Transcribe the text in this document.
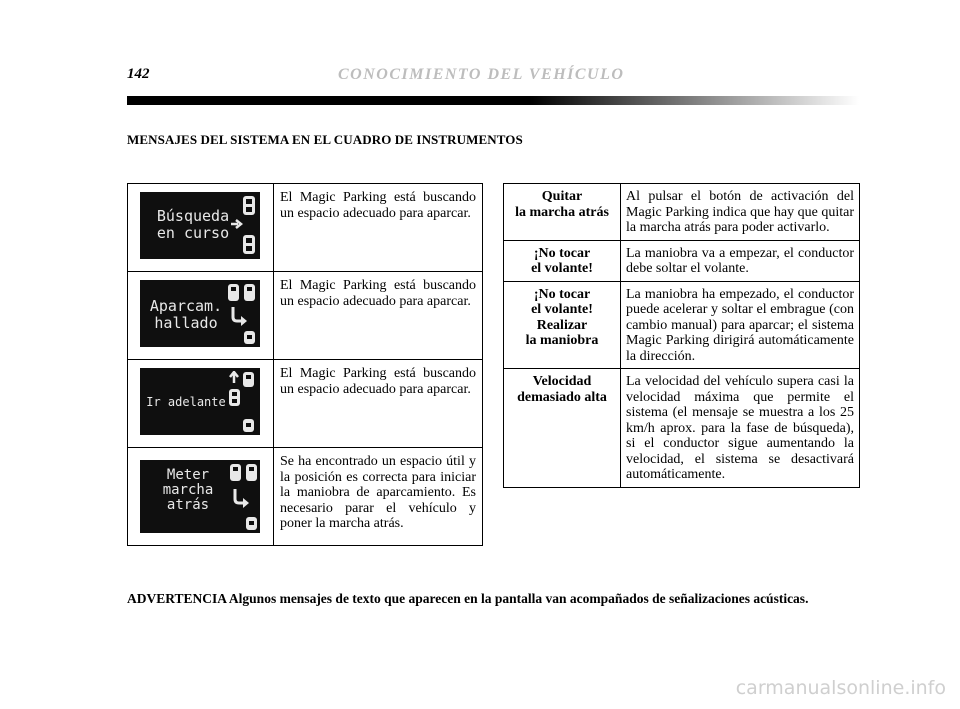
142	CONOCIMIENTO DEL VEHÍCULO
MENSAJES DEL SISTEMA EN EL CUADRO DE INSTRUMENTOS
Búsqueda
en curso	El Magic Parking está buscando un espacio adecuado para aparcar.

Aparcam.
hallado	El Magic Parking está buscando un espacio adecuado para aparcar.

Ir adelante	El Magic Parking está buscando un espacio adecuado para aparcar.

Meter
marcha
atrás	Se ha encontrado un espacio útil y la posición es correcta para iniciar la maniobra de aparcamiento. Es necesario parar el vehículo y poner la marcha atrás.
Quitar
la marcha atrás	Al pulsar el botón de activación del Magic Parking indica que hay que quitar la marcha atrás para poder activarlo.
¡No tocar
el volante!	La maniobra va a empezar, el conductor debe soltar el volante.
¡No tocar
el volante!
Realizar
la maniobra	La maniobra ha empezado, el conductor puede acelerar y soltar el embrague (con cambio manual) para aparcar; el sistema Magic Parking dirigirá automáticamente la dirección.
Velocidad
demasiado alta	La velocidad del vehículo supera casi la velocidad máxima que permite el sistema (el mensaje se muestra a los 25 km/h aprox. para la fase de búsqueda), si el conductor sigue aumentando la velocidad, el sistema se desactivará automáticamente.
ADVERTENCIA Algunos mensajes de texto que aparecen en la pantalla van acompañados de señalizaciones acústicas.
carmanualsonline.info
